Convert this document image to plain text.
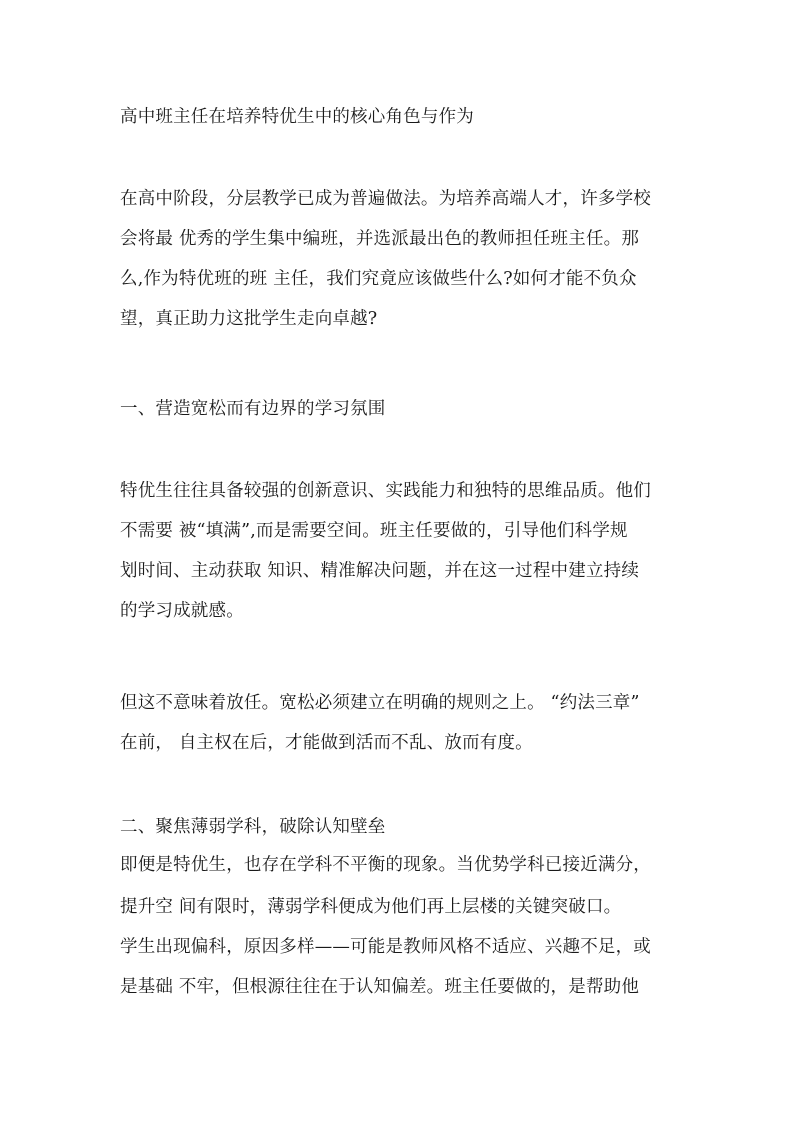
高中班主任在培养特优生中的核心角色与作为

在高中阶段，分层教学已成为普遍做法。为培养高端人才，许多学校

会将最 优秀的学生集中编班，并选派最出色的教师担任班主任。那

么,作为特优班的班 主任，我们究竟应该做些什么?如何才能不负众

望，真正助力这批学生走向卓越?

一、营造宽松而有边界的学习氛围

特优生往往具备较强的创新意识、实践能力和独特的思维品质。他们

不需要 被“填满”,而是需要空间。班主任要做的，引导他们科学规

划时间、主动获取 知识、精准解决问题，并在这一过程中建立持续

的学习成就感。

但这不意味着放任。宽松必须建立在明确的规则之上。 “约法三章”

在前， 自主权在后，才能做到活而不乱、放而有度。

二、聚焦薄弱学科，破除认知壁垒

即便是特优生，也存在学科不平衡的现象。当优势学科已接近满分，

提升空 间有限时，薄弱学科便成为他们再上层楼的关键突破口。

学生出现偏科，原因多样——可能是教师风格不适应、兴趣不足，或

是基础 不牢，但根源往往在于认知偏差。班主任要做的，是帮助他
